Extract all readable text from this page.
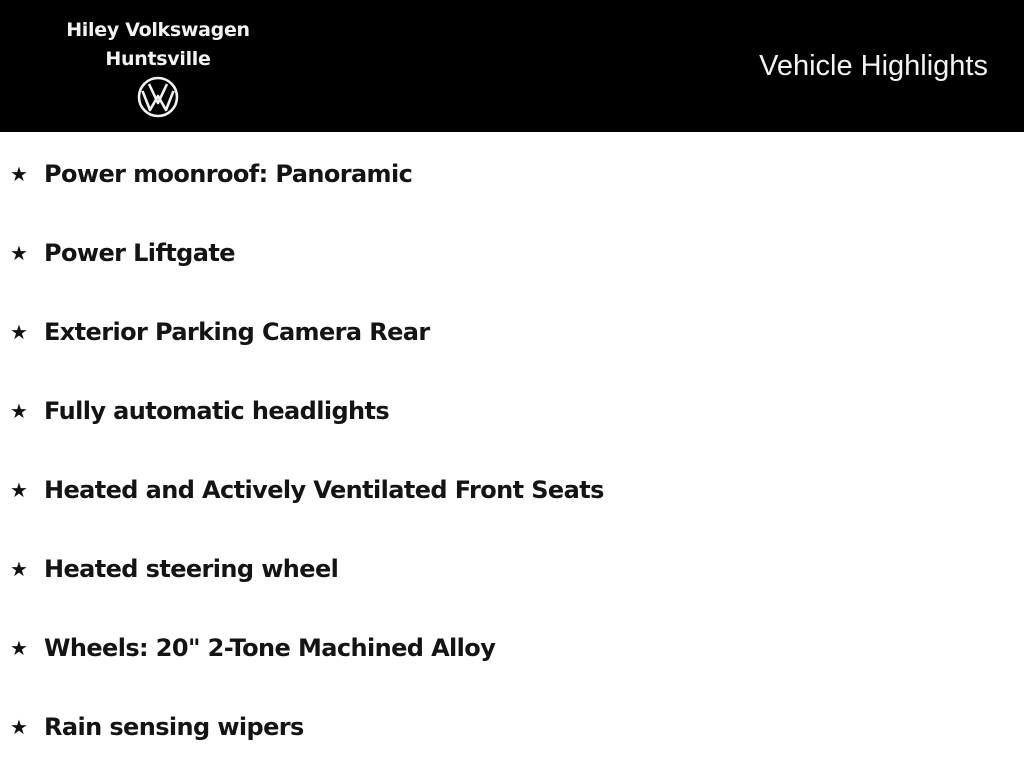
Hiley Volkswagen
Huntsville	Vehicle Highlights
★ Power moonroof: Panoramic
★ Power Liftgate
★ Exterior Parking Camera Rear
★ Fully automatic headlights
★ Heated and Actively Ventilated Front Seats
★ Heated steering wheel
★ Wheels: 20" 2-Tone Machined Alloy
★ Rain sensing wipers
